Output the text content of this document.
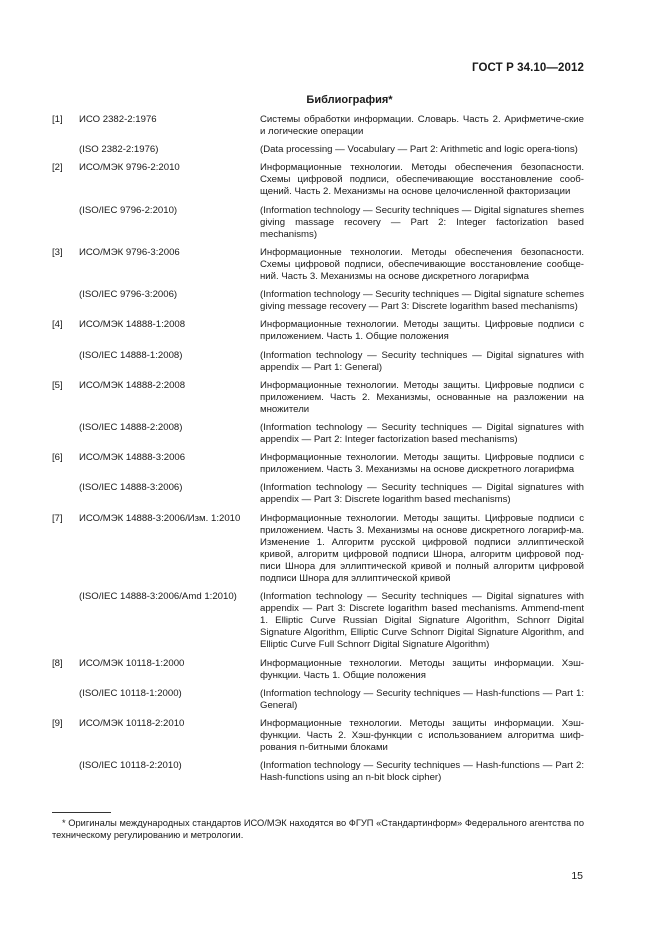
ГОСТ Р 34.10—2012
Библиография*
[1]	ИСО 2382-2:1976	Системы обработки информации. Словарь. Часть 2. Арифметиче-ские и логические операции
(ISO 2382-2:1976)	(Data processing — Vocabulary — Part 2: Arithmetic and logic opera-tions)
[2]	ИСО/МЭК 9796-2:2010	Информационные технологии. Методы обеспечения безопасности. Схемы цифровой подписи, обеспечивающие восстановление сооб-щений. Часть 2. Механизмы на основе целочисленной факторизации
(ISO/IEC 9796-2:2010)	(Information technology — Security techniques — Digital signatures shemes giving massage recovery — Part 2: Integer factorization based mechanisms)
[3]	ИСО/МЭК 9796-3:2006	Информационные технологии. Методы обеспечения безопасности. Схемы цифровой подписи, обеспечивающие восстановление сообще-ний. Часть 3. Механизмы на основе дискретного логарифма
(ISO/IEC 9796-3:2006)	(Information technology — Security techniques — Digital signature schemes giving message recovery — Part 3: Discrete logarithm based mechanisms)
[4]	ИСО/МЭК 14888-1:2008	Информационные технологии. Методы защиты. Цифровые подписи с приложением. Часть 1. Общие положения
(ISO/IEC 14888-1:2008)	(Information technology — Security techniques — Digital signatures with appendix — Part 1: General)
[5]	ИСО/МЭК 14888-2:2008	Информационные технологии. Методы защиты. Цифровые подписи с приложением. Часть 2. Механизмы, основанные на разложении на множители
(ISO/IEC 14888-2:2008)	(Information technology — Security techniques — Digital signatures with appendix — Part 2: Integer factorization based mechanisms)
[6]	ИСО/МЭК 14888-3:2006	Информационные технологии. Методы защиты. Цифровые подписи с приложением. Часть 3. Механизмы на основе дискретного логарифма
(ISO/IEC 14888-3:2006)	(Information technology — Security techniques — Digital signatures with appendix — Part 3: Discrete logarithm based mechanisms)
[7]	ИСО/МЭК 14888-3:2006/Изм. 1:2010	Информационные технологии. Методы защиты. Цифровые подписи с приложением. Часть 3. Механизмы на основе дискретного логариф-ма. Изменение 1. Алгоритм русской цифровой подписи эллиптической кривой, алгоритм цифровой подписи Шнора, алгоритм цифровой под-писи Шнора для эллиптической кривой и полный алгоритм цифровой подписи Шнора для эллиптической кривой
(ISO/IEC 14888-3:2006/Amd 1:2010)	(Information technology — Security techniques — Digital signatures with appendix — Part 3: Discrete logarithm based mechanisms. Ammend-ment 1. Elliptic Curve Russian Digital Signature Algorithm, Schnorr Digital Signature Algorithm, Elliptic Curve Schnorr Digital Signature Algorithm, and Elliptic Curve Full Schnorr Digital Signature Algorithm)
[8]	ИСО/МЭК 10118-1:2000	Информационные технологии. Методы защиты информации. Хэш-функции. Часть 1. Общие положения
(ISO/IEC 10118-1:2000)	(Information technology — Security techniques — Hash-functions — Part 1: General)
[9]	ИСО/МЭК 10118-2:2010	Информационные технологии. Методы защиты информации. Хэш-функции. Часть 2. Хэш-функции с использованием алгоритма шиф-рования n-битными блоками
(ISO/IEC 10118-2:2010)	(Information technology — Security techniques — Hash-functions — Part 2: Hash-functions using an n-bit block cipher)
* Оригиналы международных стандартов ИСО/МЭК находятся во ФГУП «Стандартинформ» Федерального агентства по техническому регулированию и метрологии.
15
